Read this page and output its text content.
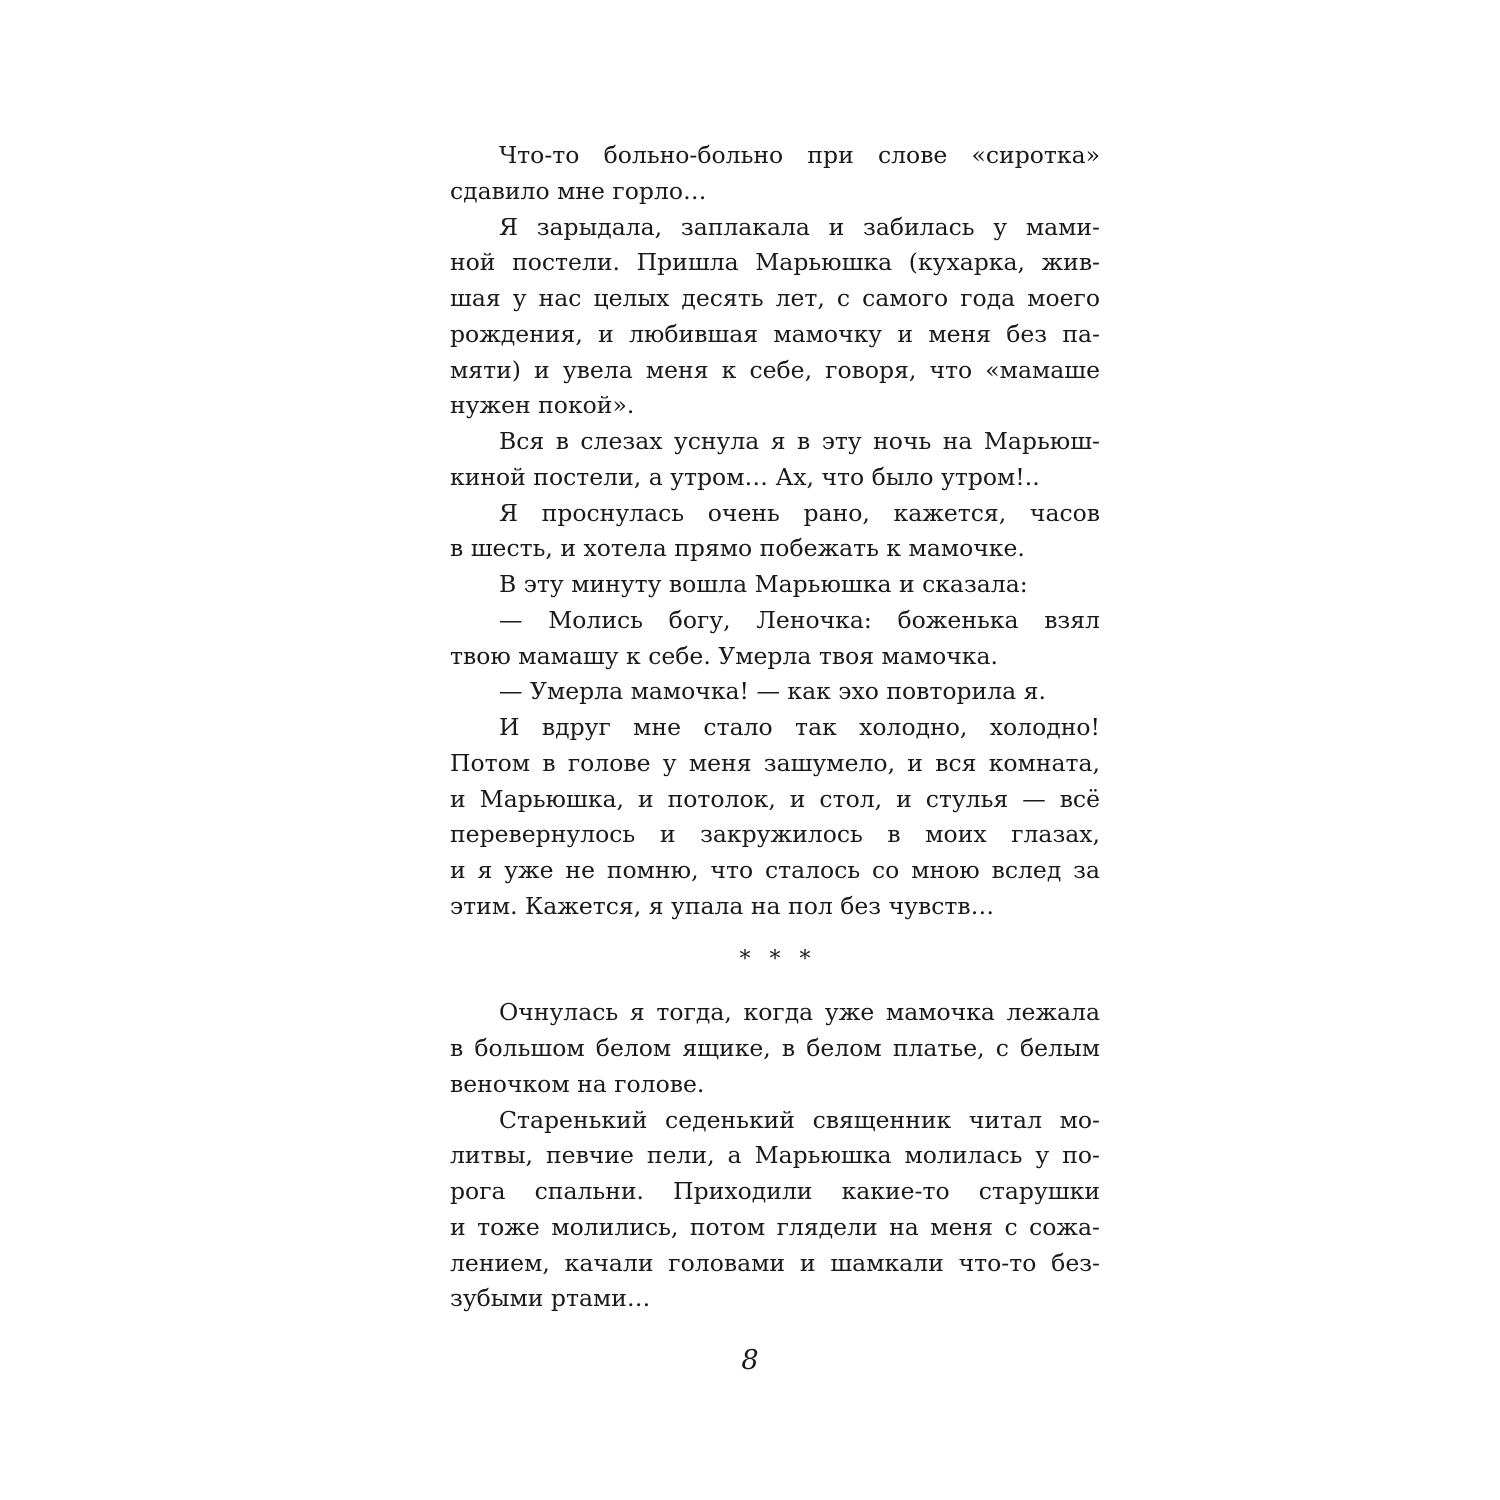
Что-то больно-больно при слове «сиротка»
сдавило мне горло…
Я зарыдала, заплакала и забилась у мами-
ной постели. Пришла Марьюшка (кухарка, жив-
шая у нас целых десять лет, с самого года моего
рождения, и любившая мамочку и меня без па-
мяти) и увела меня к себе, говоря, что «мамаше
нужен покой».
Вся в слезах уснула я в эту ночь на Марьюш-
киной постели, а утром… Ах, что было утром!..
Я проснулась очень рано, кажется, часов
в шесть, и хотела прямо побежать к мамочке.
В эту минуту вошла Марьюшка и сказала:
— Молись богу, Леночка: боженька взял
твою мамашу к себе. Умерла твоя мамочка.
— Умерла мамочка! — как эхо повторила я.
И вдруг мне стало так холодно, холодно!
Потом в голове у меня зашумело, и вся комната,
и Марьюшка, и потолок, и стол, и стулья — всё
перевернулось и закружилось в моих глазах,
и я уже не помню, что сталось со мною вслед за
этим. Кажется, я упала на пол без чувств…
* * *
Очнулась я тогда, когда уже мамочка лежала
в большом белом ящике, в белом платье, с белым
веночком на голове.
Старенький седенький священник читал мо-
литвы, певчие пели, а Марьюшка молилась у по-
рога спальни. Приходили какие-то старушки
и тоже молились, потом глядели на меня с сожа-
лением, качали головами и шамкали что-то без-
зубыми ртами…
8
